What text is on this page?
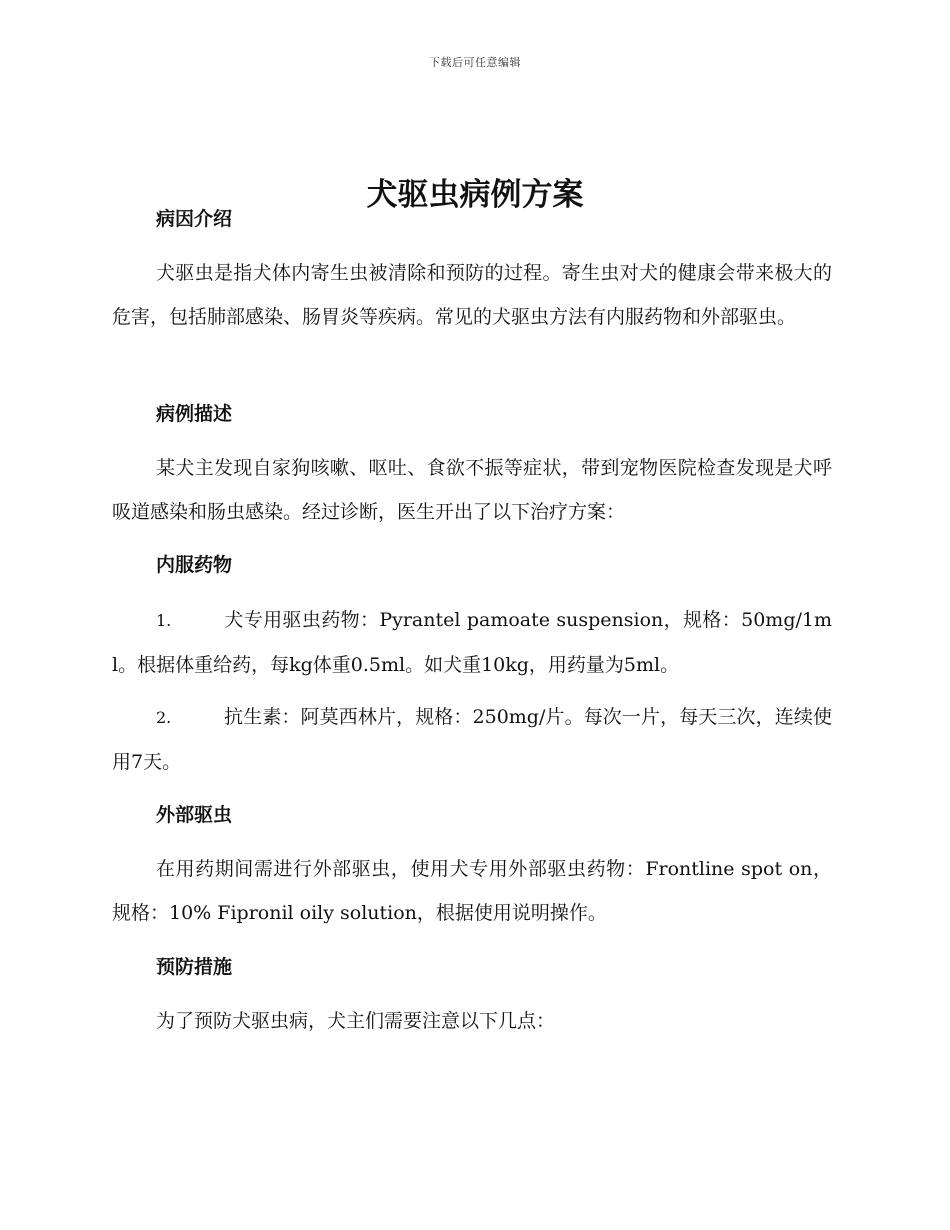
下载后可任意编辑
犬驱虫病例方案
病因介绍

犬驱虫是指犬体内寄生虫被清除和预防的过程。寄生虫对犬的健康会带来极大的危害，包括肺部感染、肠胃炎等疾病。常见的犬驱虫方法有内服药物和外部驱虫。

病例描述

某犬主发现自家狗咳嗽、呕吐、食欲不振等症状，带到宠物医院检查发现是犬呼吸道感染和肠虫感染。经过诊断，医生开出了以下治疗方案：

内服药物

1.	犬专用驱虫药物：Pyrantel pamoate suspension，规格：50mg/1ml。根据体重给药，每kg体重0.5ml。如犬重10kg，用药量为5ml。

2.	抗生素：阿莫西林片，规格：250mg/片。每次一片，每天三次，连续使用7天。

外部驱虫

在用药期间需进行外部驱虫，使用犬专用外部驱虫药物：Frontline spot on，规格：10% Fipronil oily solution，根据使用说明操作。

预防措施

为了预防犬驱虫病，犬主们需要注意以下几点：
